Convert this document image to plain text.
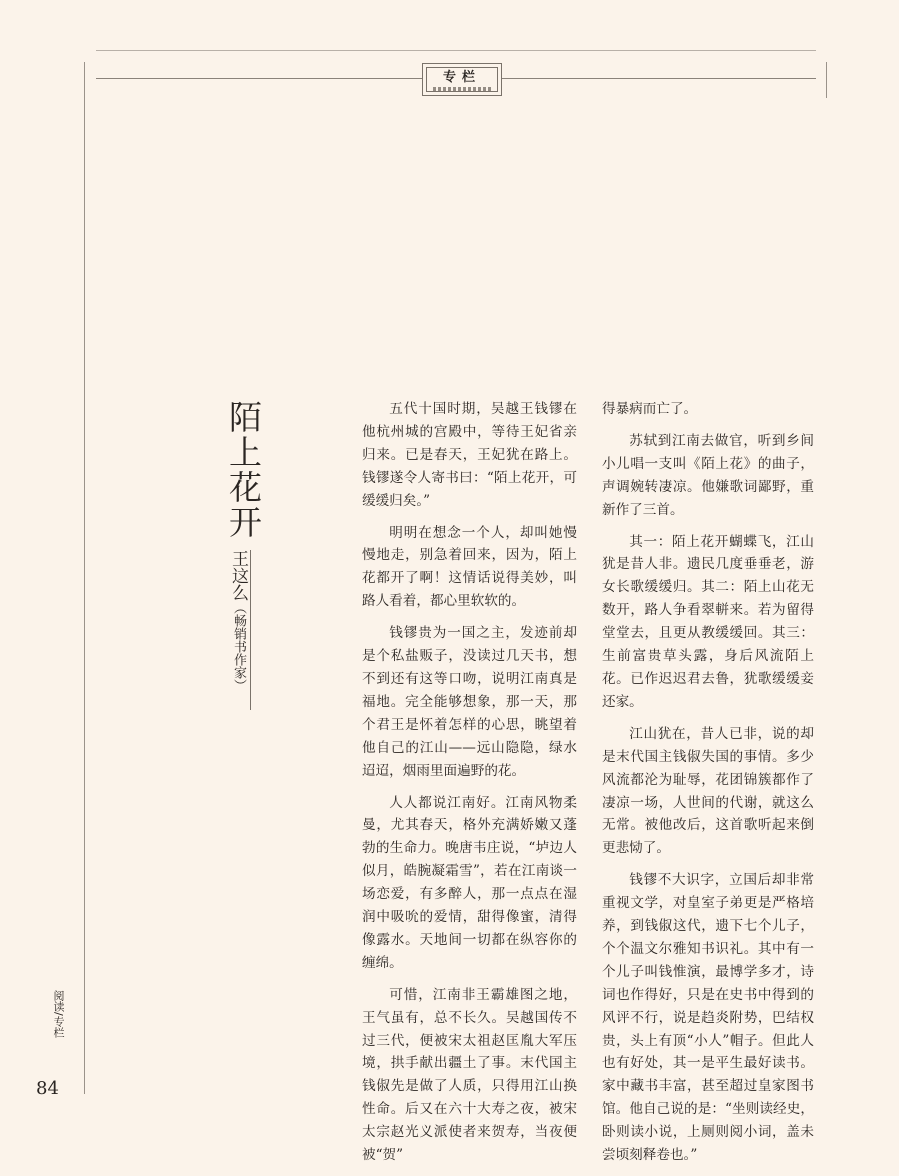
专栏
陌上花开
王这么（畅销书作家）

五代十国时期，吴越王钱镠在他杭州城的宫殿中，等待王妃省亲归来。已是春天，王妃犹在路上。钱镠遂令人寄书曰：“陌上花开，可缓缓归矣。”

明明在想念一个人，却叫她慢慢地走，别急着回来，因为，陌上花都开了啊！这情话说得美妙，叫路人看着，都心里软软的。

钱镠贵为一国之主，发迹前却是个私盐贩子，没读过几天书，想不到还有这等口吻，说明江南真是福地。完全能够想象，那一天，那个君王是怀着怎样的心思，眺望着他自己的江山——远山隐隐，绿水迢迢，烟雨里面遍野的花。

人人都说江南好。江南风物柔曼，尤其春天，格外充满娇嫩又蓬勃的生命力。晚唐韦庄说，“垆边人似月，皓腕凝霜雪”，若在江南谈一场恋爱，有多醉人，那一点点在湿润中吸吮的爱情，甜得像蜜，清得像露水。天地间一切都在纵容你的缠绵。

可惜，江南非王霸雄图之地，王气虽有，总不长久。吴越国传不过三代，便被宋太祖赵匡胤大军压境，拱手献出疆土了事。末代国主钱俶先是做了人质，只得用江山换性命。后又在六十大寿之夜，被宋太宗赵光义派使者来贺寿，当夜便被“贺”

得暴病而亡了。

苏轼到江南去做官，听到乡间小儿唱一支叫《陌上花》的曲子，声调婉转凄凉。他嫌歌词鄙野，重新作了三首。

其一：陌上花开蝴蝶飞，江山犹是昔人非。遗民几度垂垂老，游女长歌缓缓归。其二：陌上山花无数开，路人争看翠軿来。若为留得堂堂去，且更从教缓缓回。其三：生前富贵草头露，身后风流陌上花。已作迟迟君去鲁，犹歌缓缓妾还家。

江山犹在，昔人已非，说的却是末代国主钱俶失国的事情。多少风流都沦为耻辱，花团锦簇都作了凄凉一场，人世间的代谢，就这么无常。被他改后，这首歌听起来倒更悲恸了。

钱镠不大识字，立国后却非常重视文学，对皇室子弟更是严格培养，到钱俶这代，遗下七个儿子，个个温文尔雅知书识礼。其中有一个儿子叫钱惟演，最博学多才，诗词也作得好，只是在史书中得到的风评不行，说是趋炎附势，巴结权贵，头上有顶“小人”帽子。但此人也有好处，其一是平生最好读书。家中藏书丰富，甚至超过皇家图书馆。他自己说的是：“坐则读经史，卧则读小说，上厕则阅小词，盖未尝顷刻释卷也。”

阅读/专栏
84
